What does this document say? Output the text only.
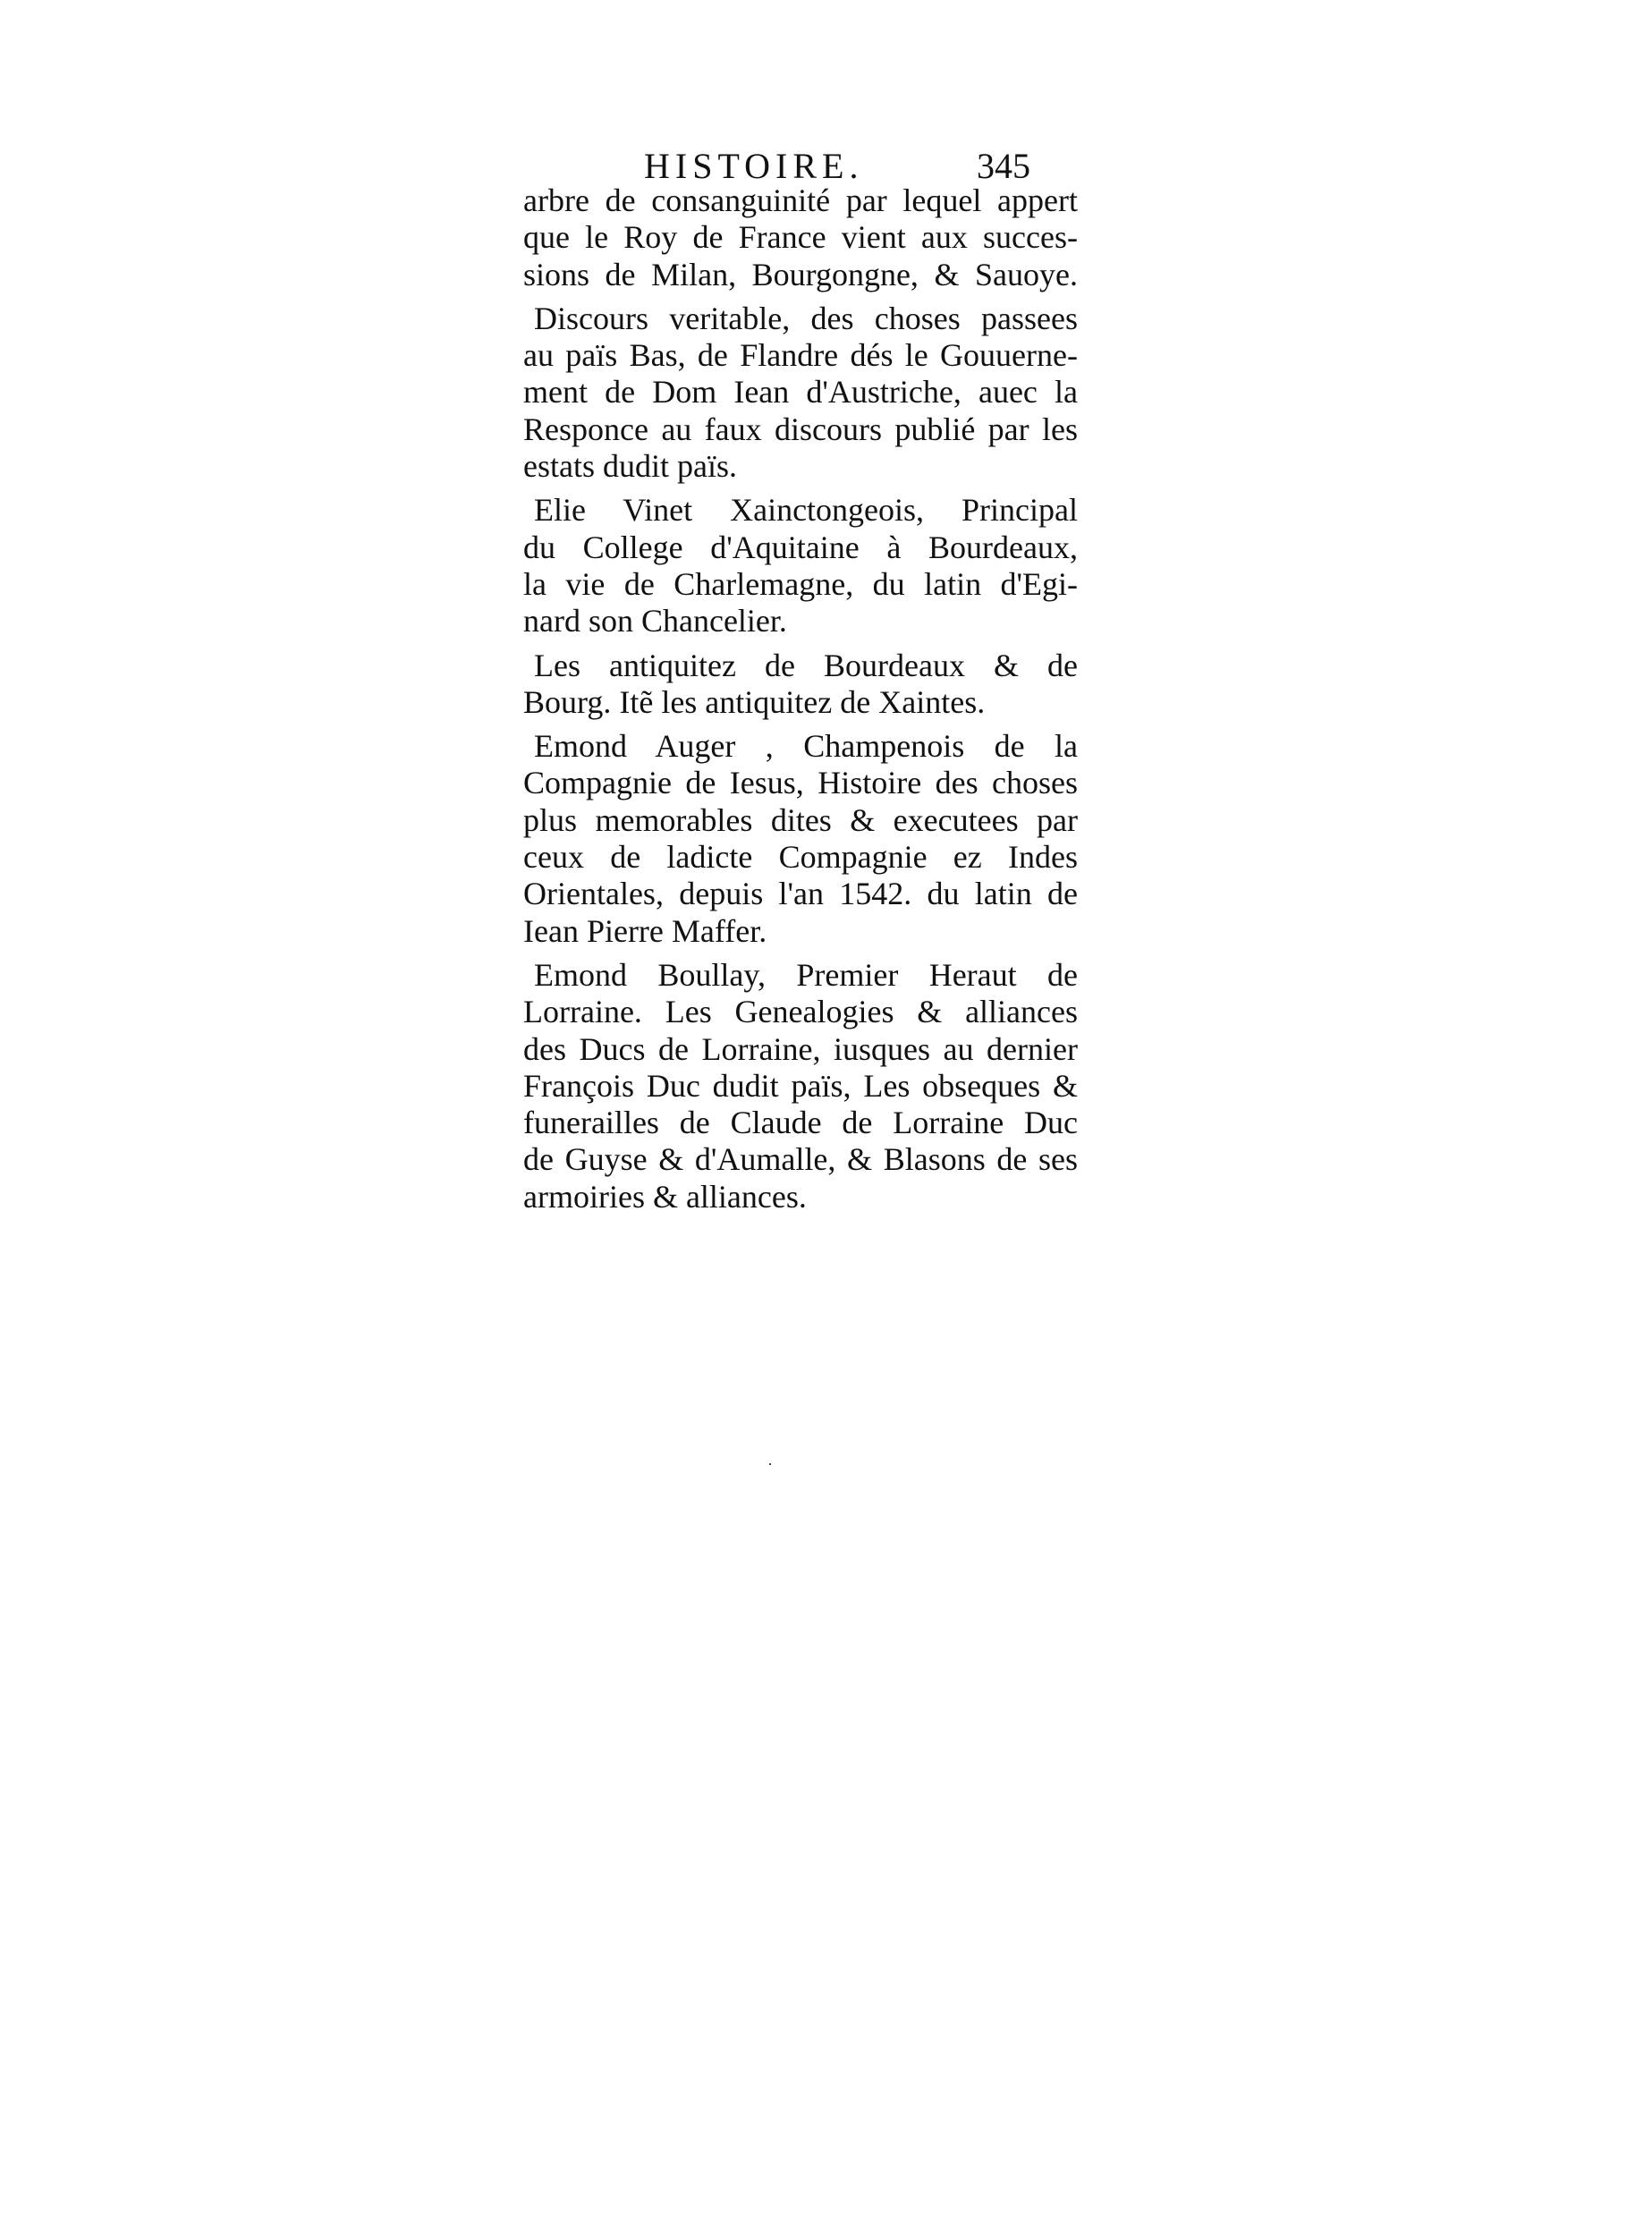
HISTOIRE.	345
arbre de consanguinité par lequel appert
que le Roy de France vient aux succes-
sions de Milan, Bourgongne, & Sauoye.
Discours veritable, des choses passees
au païs Bas, de Flandre dés le Gouuerne-
ment de Dom Iean d'Austriche, auec la
Responce au faux discours publié par les
estats dudit païs.
Elie Vinet Xainctongeois, Principal
du College d'Aquitaine à Bourdeaux,
la vie de Charlemagne, du latin d'Egi-
nard son Chancelier.
Les antiquitez de Bourdeaux & de
Bourg. Itẽ les antiquitez de Xaintes.
Emond Auger , Champenois de la
Compagnie de Iesus, Histoire des choses
plus memorables dites & executees par
ceux de ladicte Compagnie ez Indes
Orientales, depuis l'an 1542. du latin de
Iean Pierre Maffer.
Emond Boullay, Premier Heraut de
Lorraine. Les Genealogies & alliances
des Ducs de Lorraine, iusques au dernier
François Duc dudit païs, Les obseques &
funerailles de Claude de Lorraine Duc
de Guyse & d'Aumalle, & Blasons de ses
armoiries & alliances.
